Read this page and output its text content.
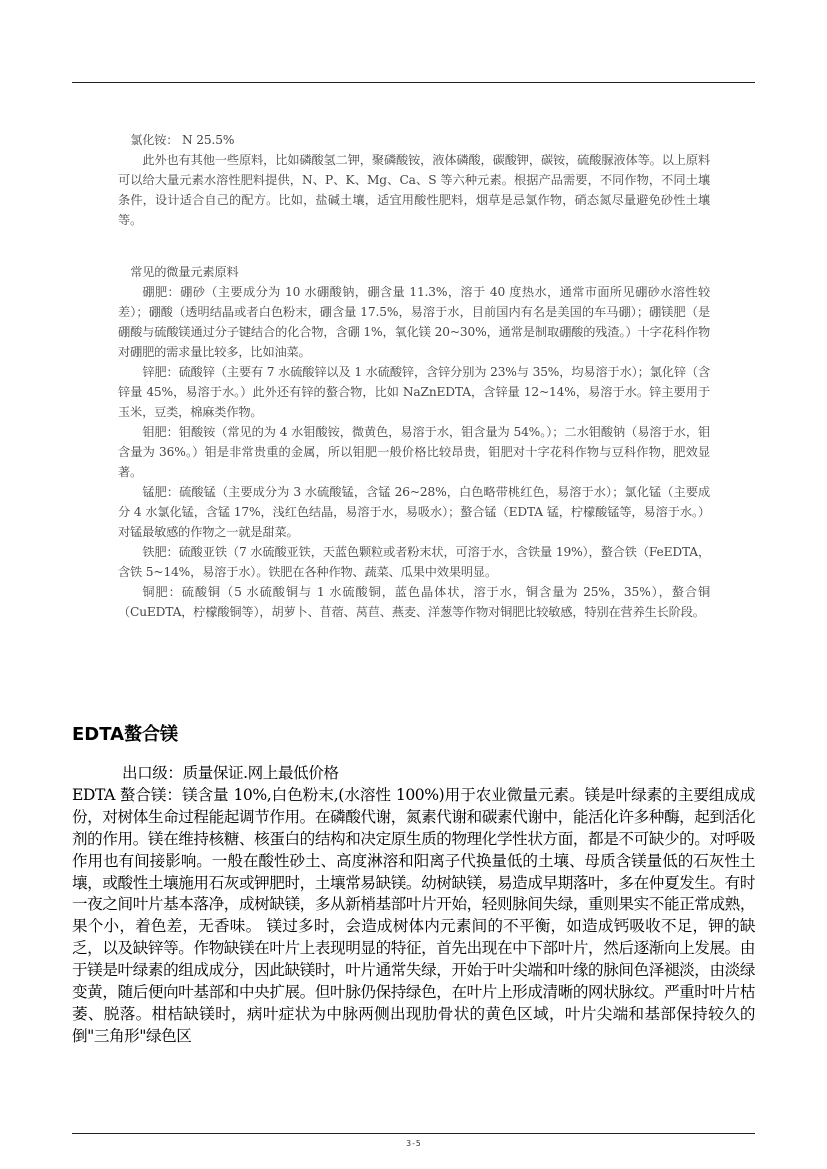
氯化铵： N 25.5%

此外也有其他一些原料，比如磷酸氢二钾，聚磷酸铵，液体磷酸，碳酸钾，碳铵，硫酸脲液体等。以上原料可以给大量元素水溶性肥料提供，N、P、K、Mg、Ca、S 等六种元素。根据产品需要，不同作物，不同土壤条件，设计适合自己的配方。比如，盐碱土壤，适宜用酸性肥料，烟草是忌氯作物，硝态氮尽量避免砂性土壤等。

常见的微量元素原料

硼肥：硼砂（主要成分为 10 水硼酸钠，硼含量 11.3%，溶于 40 度热水，通常市面所见硼砂水溶性较差）；硼酸（透明结晶或者白色粉末，硼含量 17.5%，易溶于水，目前国内有名是美国的车马硼）；硼镁肥（是硼酸与硫酸镁通过分子键结合的化合物，含硼 1%，氧化镁 20~30%，通常是制取硼酸的残渣。）十字花科作物对硼肥的需求量比较多，比如油菜。

锌肥：硫酸锌（主要有 7 水硫酸锌以及 1 水硫酸锌，含锌分别为 23%与 35%，均易溶于水）；氯化锌（含锌量 45%，易溶于水。）此外还有锌的螯合物，比如 NaZnEDTA，含锌量 12~14%，易溶于水。锌主要用于玉米，豆类，棉麻类作物。

钼肥：钼酸铵（常见的为 4 水钼酸铵，微黄色，易溶于水，钼含量为 54%。）；二水钼酸钠（易溶于水，钼含量为 36%。）钼是非常贵重的金属，所以钼肥一般价格比较昂贵，钼肥对十字花科作物与豆科作物，肥效显著。

锰肥：硫酸锰（主要成分为 3 水硫酸锰，含锰 26~28%，白色略带桃红色，易溶于水）；氯化锰（主要成分 4 水氯化锰，含锰 17%，浅红色结晶，易溶于水，易吸水）；螯合锰（EDTA 锰，柠檬酸锰等，易溶于水。）对锰最敏感的作物之一就是甜菜。

铁肥：硫酸亚铁（7 水硫酸亚铁，天蓝色颗粒或者粉末状，可溶于水，含铁量 19%），螯合铁（FeEDTA，含铁 5~14%，易溶于水）。铁肥在各种作物、蔬菜、瓜果中效果明显。

铜肥：硫酸铜（5 水硫酸铜与 1 水硫酸铜，蓝色晶体状，溶于水，铜含量为 25%，35%），螯合铜（CuEDTA，柠檬酸铜等），胡萝卜、苜蓿、莴苣、燕麦、洋葱等作物对铜肥比较敏感，特别在营养生长阶段。

EDTA螯合镁

出口级：质量保证.网上最低价格

EDTA 螯合镁：镁含量 10%,白色粉末,(水溶性 100%)用于农业微量元素。镁是叶绿素的主要组成成份，对树体生命过程能起调节作用。在磷酸代谢，氮素代谢和碳素代谢中，能活化许多种酶，起到活化剂的作用。镁在维持核糖、核蛋白的结构和决定原生质的物理化学性状方面，都是不可缺少的。对呼吸作用也有间接影响。一般在酸性砂土、高度淋溶和阳离子代换量低的土壤、母质含镁量低的石灰性土壤，或酸性土壤施用石灰或钾肥时，土壤常易缺镁。幼树缺镁，易造成早期落叶，多在仲夏发生。有时一夜之间叶片基本落净，成树缺镁，多从新梢基部叶片开始，轻则脉间失绿，重则果实不能正常成熟，果个小，着色差，无香味。 镁过多时，会造成树体内元素间的不平衡，如造成钙吸收不足，钾的缺乏，以及缺锌等。作物缺镁在叶片上表现明显的特征，首先出现在中下部叶片，然后逐渐向上发展。由于镁是叶绿素的组成成分，因此缺镁时，叶片通常失绿，开始于叶尖端和叶缘的脉间色泽褪淡，由淡绿变黄，随后便向叶基部和中央扩展。但叶脉仍保持绿色，在叶片上形成清晰的网状脉纹。严重时叶片枯萎、脱落。柑桔缺镁时，病叶症状为中脉两侧出现肋骨状的黄色区域，叶片尖端和基部保持较久的倒"三角形"绿色区

3-5
